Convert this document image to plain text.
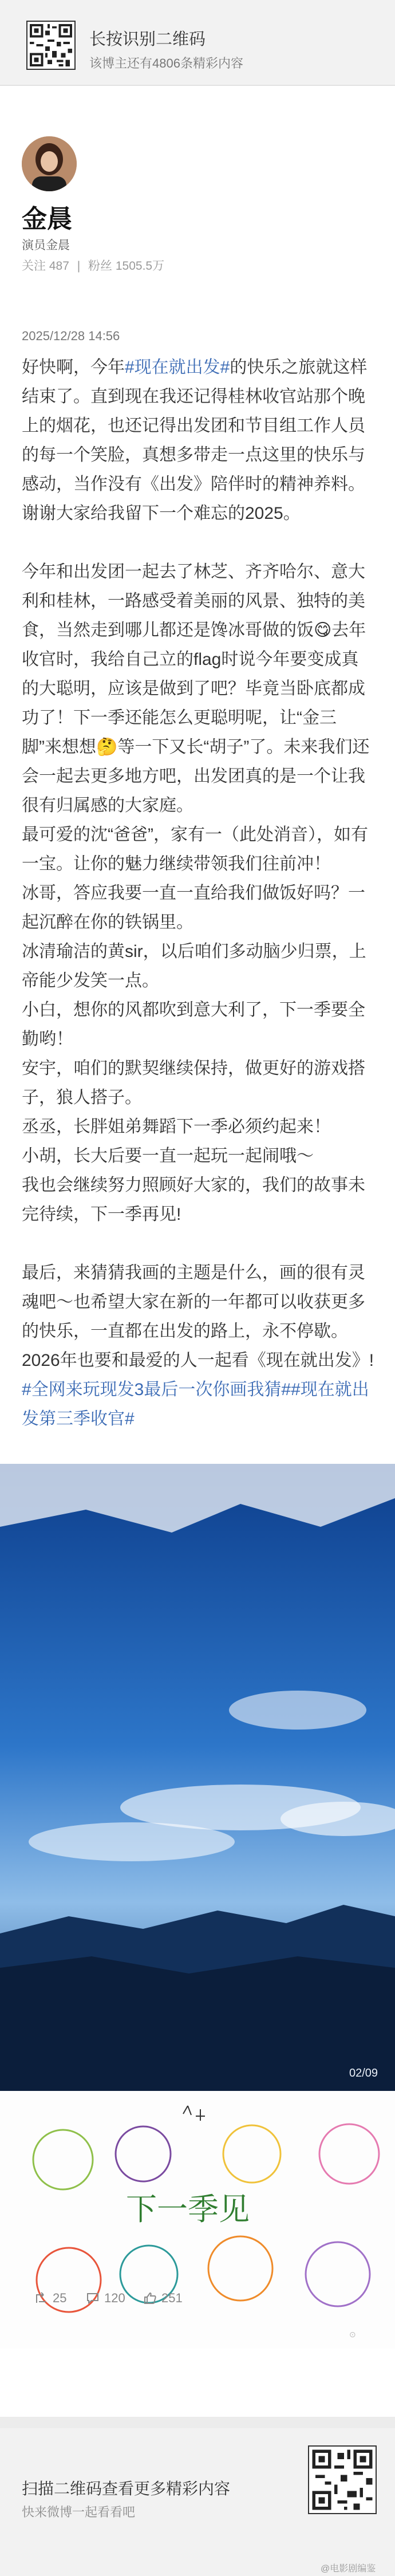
长按识别二维码
该博主还有4806条精彩内容
金晨
演员金晨
关注 487 | 粉丝 1505.5万
2025/12/28 14:56

好快啊，今年#现在就出发#的快乐之旅就这样结束了。直到现在我还记得桂林收官站那个晚上的烟花，也还记得出发团和节目组工作人员的每一个笑脸，真想多带走一点这里的快乐与感动，当作没有《出发》陪伴时的精神养料。谢谢大家给我留下一个难忘的2025。

今年和出发团一起去了林芝、齐齐哈尔、意大利和桂林，一路感受着美丽的风景、独特的美食，当然走到哪儿都还是馋冰哥做的饭😋去年收官时，我给自己立的flag时说今年要变成真的大聪明，应该是做到了吧？毕竟当卧底都成功了！下一季还能怎么更聪明呢，让“金三脚”来想想🤔等一下又长“胡子”了。未来我们还会一起去更多地方吧，出发团真的是一个让我很有归属感的大家庭。

最可爱的沈“爸爸”，家有一（此处消音），如有一宝。让你的魅力继续带领我们往前冲！

冰哥，答应我要一直一直给我们做饭好吗？一起沉醉在你的铁锅里。

冰清瑜洁的黄sir，以后咱们多动脑少归票，上帝能少发笑一点。

小白，想你的风都吹到意大利了，下一季要全勤哟！

安宇，咱们的默契继续保持，做更好的游戏搭子，狼人搭子。

丞丞，长胖姐弟舞蹈下一季必须约起来！

小胡，长大后要一直一起玩一起闹哦～

我也会继续努力照顾好大家的，我们的故事未完待续，下一季再见!

最后，来猜猜我画的主题是什么，画的很有灵魂吧～也希望大家在新的一年都可以收获更多的快乐，一直都在出发的路上，永不停歇。2026年也要和最爱的人一起看《现在就出发》!

#全网来玩现发3最后一次你画我猜##现在就出发第三季收官#

02/09
下一季见
⊙
25	120	251
扫描二维码查看更多精彩内容
快来微博一起看看吧
@电影剧编鉴
